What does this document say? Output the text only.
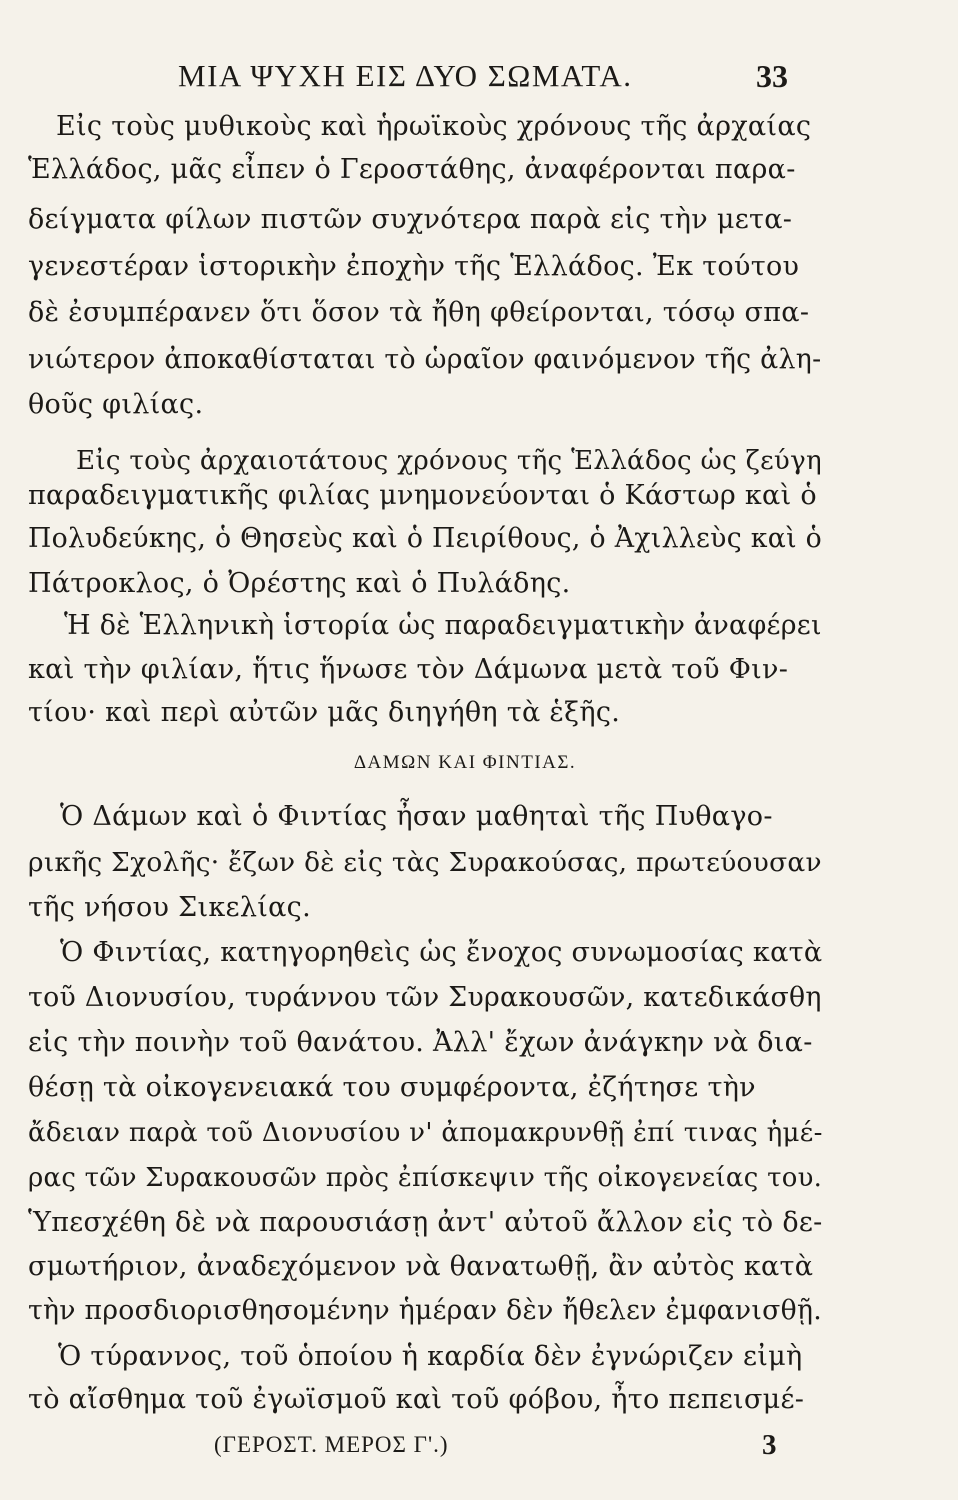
ΜΙΑ ΨΥΧΗ ΕΙΣ ΔΥΟ ΣΩΜΑΤΑ.	33
Εἰς τοὺς μυθικοὺς καὶ ἡρωϊκοὺς χρόνους τῆς ἀρχαίας
Ἑλλάδος, μᾶς εἶπεν ὁ Γεροστάθης, ἀναφέρονται παρα-
δείγματα φίλων πιστῶν συχνότερα παρὰ εἰς τὴν μετα-
γενεστέραν ἱστορικὴν ἐποχὴν τῆς Ἑλλάδος. Ἐκ τούτου
δὲ ἐσυμπέρανεν ὅτι ὅσον τὰ ἤθη φθείρονται, τόσῳ σπα-
νιώτερον ἀποκαθίσταται τὸ ὡραῖον φαινόμενον τῆς ἀλη-
θοῦς φιλίας.
Εἰς τοὺς ἀρχαιοτάτους χρόνους τῆς Ἑλλάδος ὡς ζεύγη
παραδειγματικῆς φιλίας μνημονεύονται ὁ Κάστωρ καὶ ὁ
Πολυδεύκης, ὁ Θησεὺς καὶ ὁ Πειρίθους, ὁ Ἀχιλλεὺς καὶ ὁ
Πάτροκλος, ὁ Ὀρέστης καὶ ὁ Πυλάδης.
Ἡ δὲ Ἑλληνικὴ ἱστορία ὡς παραδειγματικὴν ἀναφέρει
καὶ τὴν φιλίαν, ἥτις ἥνωσε τὸν Δάμωνα μετὰ τοῦ Φιν-
τίου· καὶ περὶ αὐτῶν μᾶς διηγήθη τὰ ἑξῆς.
ΔΑΜΩΝ ΚΑΙ ΦΙΝΤΙΑΣ.
Ὁ Δάμων καὶ ὁ Φιντίας ἦσαν μαθηταὶ τῆς Πυθαγο-
ρικῆς Σχολῆς· ἔζων δὲ εἰς τὰς Συρακούσας, πρωτεύουσαν
τῆς νήσου Σικελίας.
Ὁ Φιντίας, κατηγορηθεὶς ὡς ἔνοχος συνωμοσίας κατὰ
τοῦ Διονυσίου, τυράννου τῶν Συρακουσῶν, κατεδικάσθη
εἰς τὴν ποινὴν τοῦ θανάτου. Ἀλλ' ἔχων ἀνάγκην νὰ δια-
θέσῃ τὰ οἰκογενειακά του συμφέροντα, ἐζήτησε τὴν
ἄδειαν παρὰ τοῦ Διονυσίου ν' ἀπομακρυνθῇ ἐπί τινας ἡμέ-
ρας τῶν Συρακουσῶν πρὸς ἐπίσκεψιν τῆς οἰκογενείας του.
Ὑπεσχέθη δὲ νὰ παρουσιάσῃ ἀντ' αὐτοῦ ἄλλον εἰς τὸ δε-
σμωτήριον, ἀναδεχόμενον νὰ θανατωθῇ, ἂν αὐτὸς κατὰ
τὴν προσδιορισθησομένην ἡμέραν δὲν ἤθελεν ἐμφανισθῇ.
Ὁ τύραννος, τοῦ ὁποίου ἡ καρδία δὲν ἐγνώριζεν εἰμὴ
τὸ αἴσθημα τοῦ ἐγωϊσμοῦ καὶ τοῦ φόβου, ἦτο πεπεισμέ-
(ΓΕΡΟΣΤ. ΜΕΡΟΣ Γ'.)	3
